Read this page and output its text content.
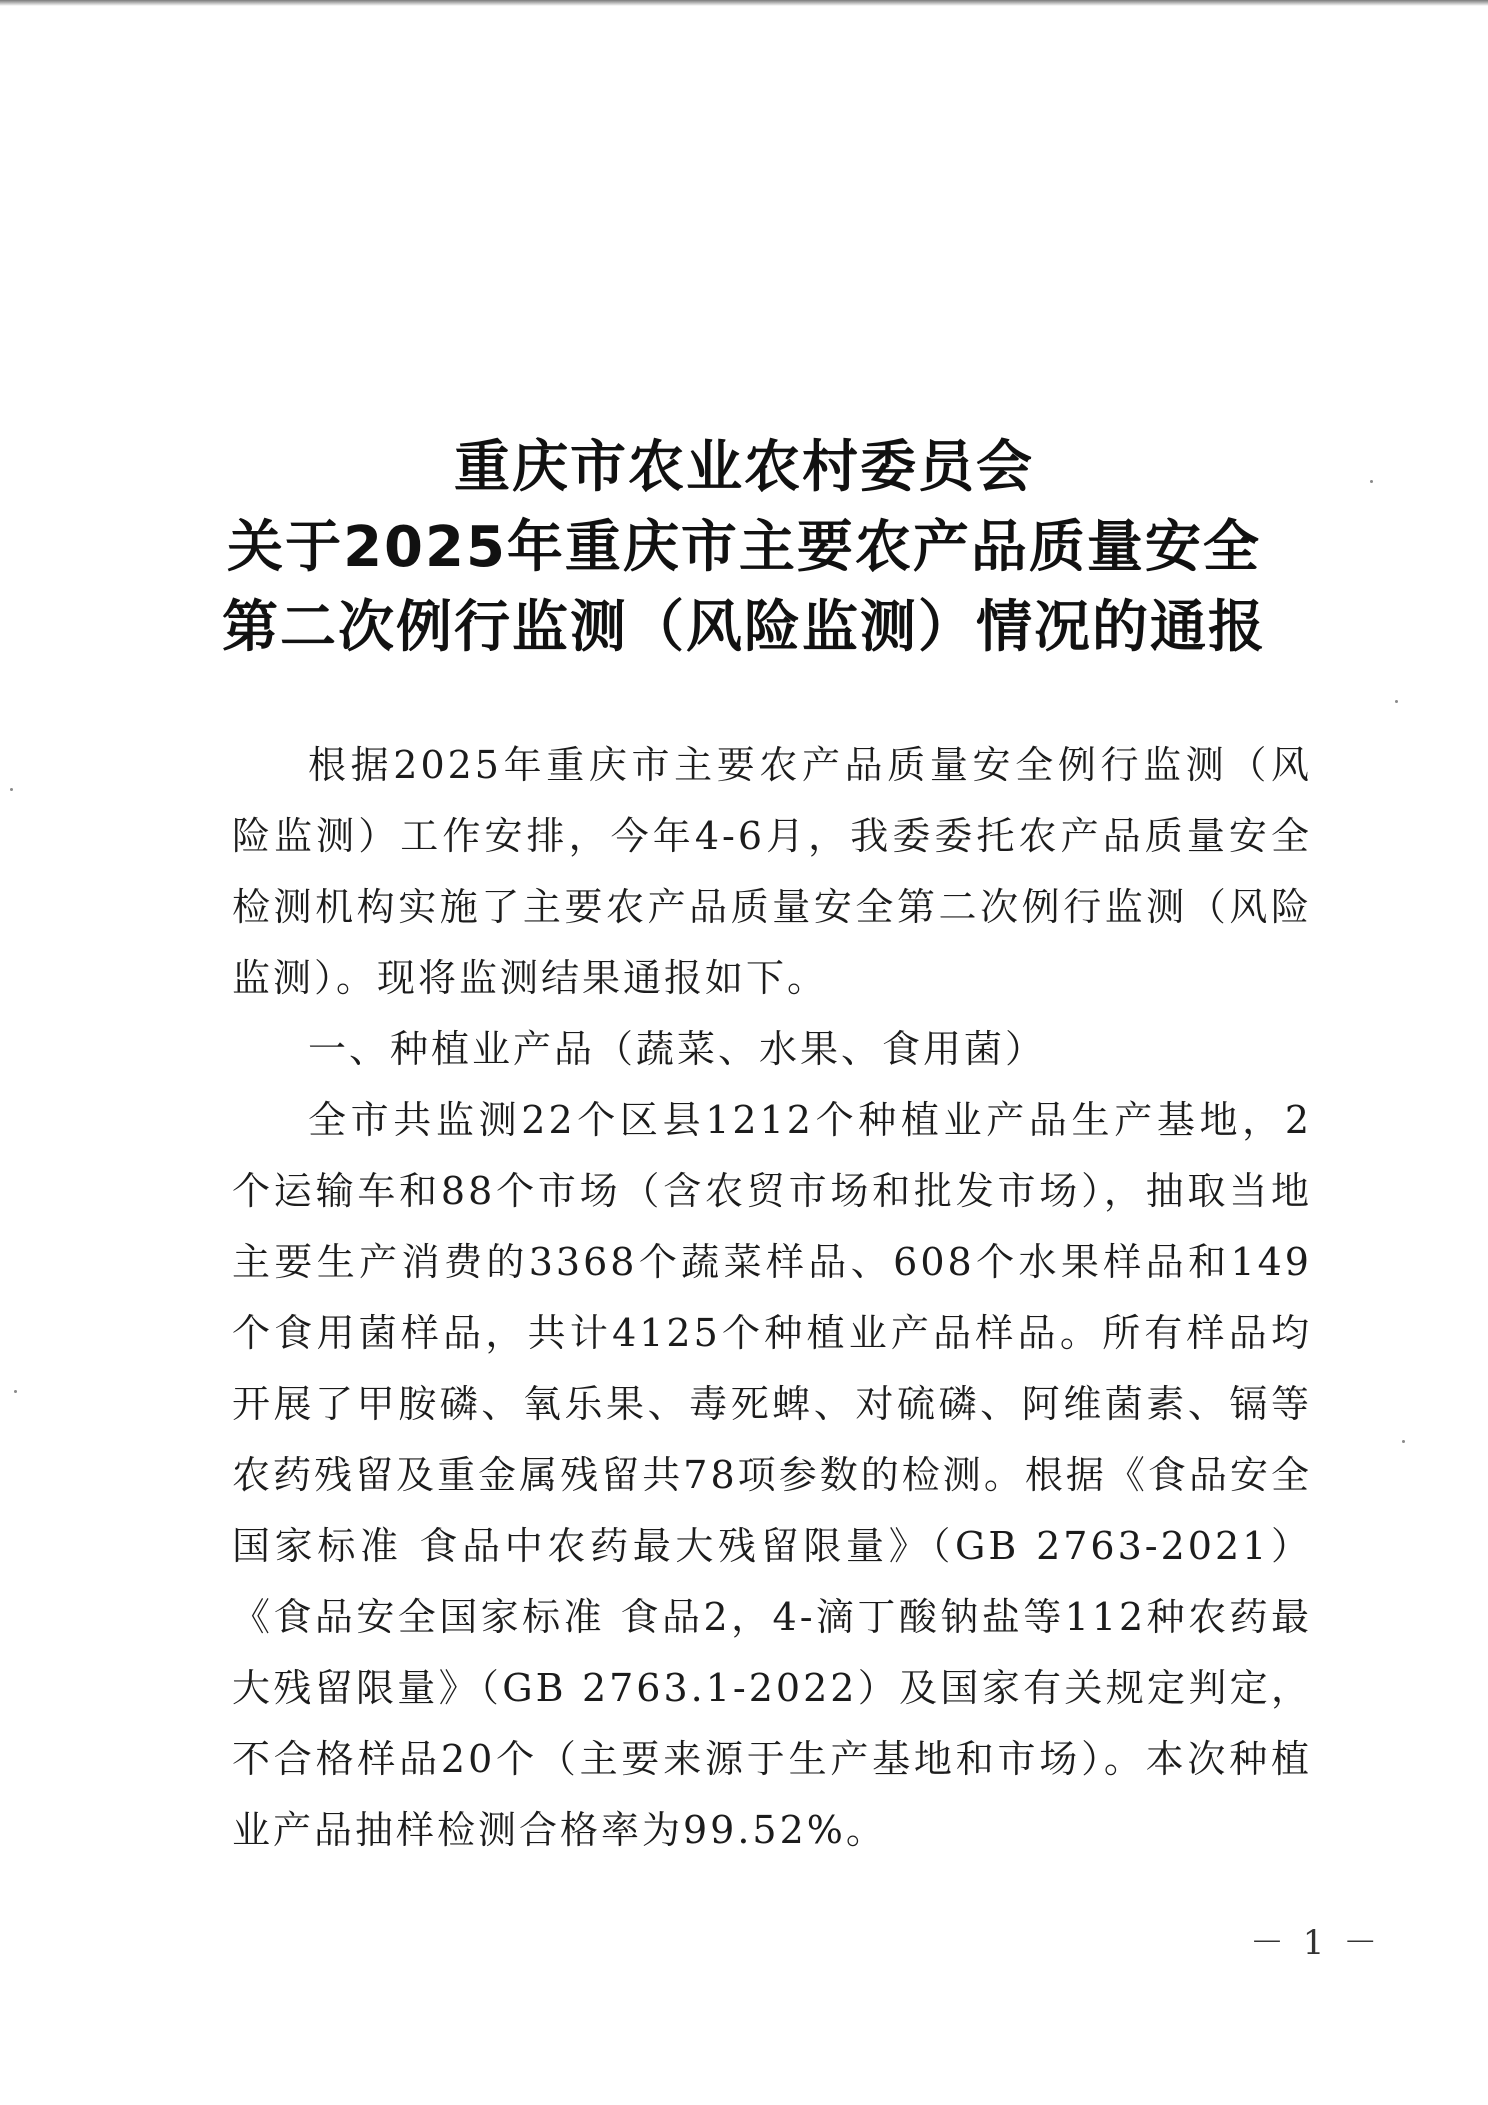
重庆市农业农村委员会
关于2025年重庆市主要农产品质量安全
第二次例行监测（风险监测）情况的通报

根据2025年重庆市主要农产品质量安全例行监测（风险监测）工作安排，今年4-6月，我委委托农产品质量安全检测机构实施了主要农产品质量安全第二次例行监测（风险监测）。现将监测结果通报如下。

一、种植业产品（蔬菜、水果、食用菌）

全市共监测22个区县1212个种植业产品生产基地，2个运输车和88个市场（含农贸市场和批发市场），抽取当地主要生产消费的3368个蔬菜样品、608个水果样品和149个食用菌样品，共计4125个种植业产品样品。所有样品均开展了甲胺磷、氧乐果、毒死蜱、对硫磷、阿维菌素、镉等农药残留及重金属残留共78项参数的检测。根据《食品安全国家标准 食品中农药最大残留限量》（GB 2763-2021）《食品安全国家标准 食品2，4-滴丁酸钠盐等112种农药最大残留限量》（GB 2763.1-2022）及国家有关规定判定，不合格样品20个（主要来源于生产基地和市场）。本次种植业产品抽样检测合格率为99.52%。

－ 1 －
